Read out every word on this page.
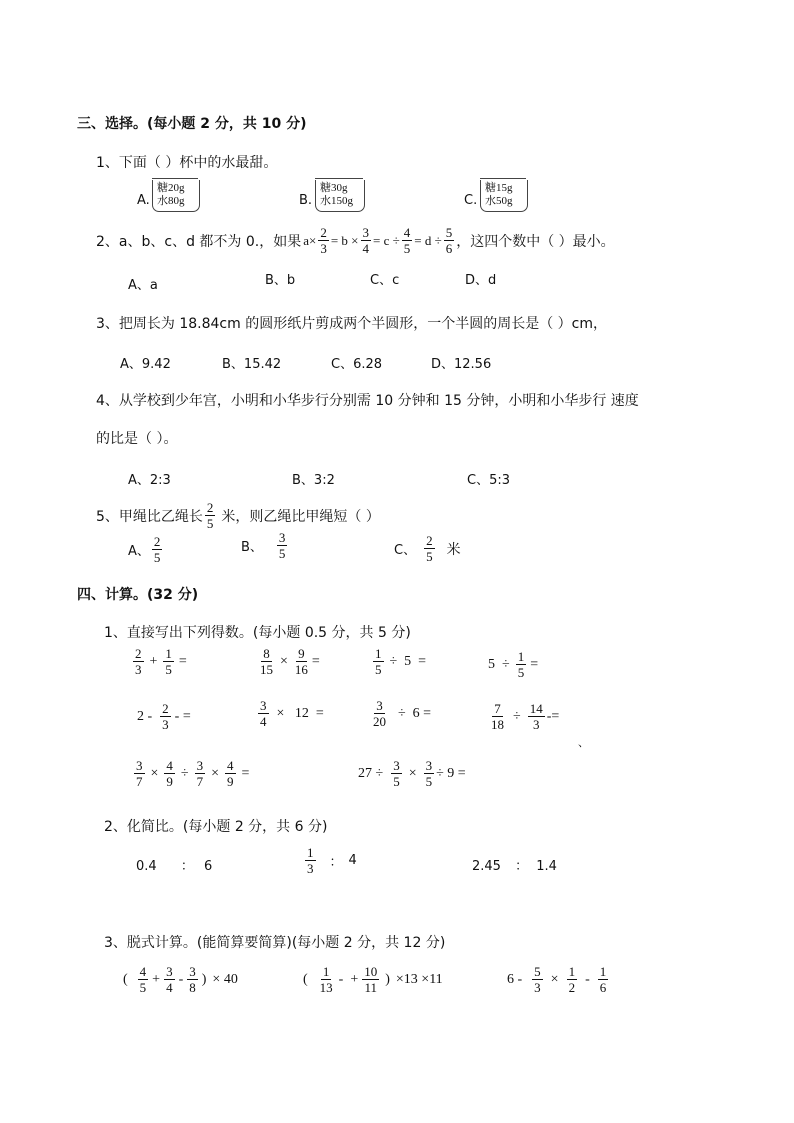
三、选择。(每小题 2 分，共 10 分)
1、下面（ ）杯中的水最甜。
A.
糖20g
水80g	B.
糖30g
水150g	C.
糖15g
水50g
2、a、b、c、d 都不为 0.，如果 $a \times \frac{2}{3} = b \times \frac{3}{4} = c \div \frac{4}{5} = d \div \frac{5}{6}$ ，这四个数中（ ）最小。
A、a	B、b	C、c	D、d
3、把周长为 18.84cm 的圆形纸片剪成两个半圆形，一个半圆的周长是（ ）cm，
A、9.42	B、15.42	C、6.28	D、12.56
4、从学校到少年宫，小明和小华步行分别需 10 分钟和 15 分钟，小明和小华步行 速度
的比是（ ）。
A、2:3	B、3:2	C、5:3
5、甲绳比乙绳长 $\frac{2}{5}$ 米，则乙绳比甲绳短（ ）
A、 $\frac{2}{5}$	B、 $\frac{3}{5}$	C、 $\frac{2}{5}$ 米
四、计算。(32 分)
1、直接写出下列得数。(每小题 0.5 分，共 5 分)
$\frac{2}{3} + \frac{1}{5}$ =	$\frac{8}{15} \times \frac{9}{16}$ =	$\frac{1}{5} \div 5$  =	$5 \div \frac{1}{5}$ =
$2 - \frac{2}{3}$ - =	$\frac{3}{4} \times 12$  =	$\frac{3}{20} \div 6$ =	$\frac{7}{18} \div \frac{14}{3}$ -=
、
$\frac{3}{7} \times \frac{4}{9} \div \frac{3}{7} \times \frac{4}{9}$ =	$27 \div \frac{3}{5} \times \frac{3}{5} \div 9$ =
2、化简比。(每小题 2 分，共 6 分)
0.4 ： 6	$\frac{1}{3}$ ： 4	2.45 ： 1.4
3、脱式计算。(能简算要简算)(每小题 2 分，共 12 分)
( $\frac{4}{5} + \frac{3}{4} - \frac{3}{8}$ ) × 40	( $\frac{1}{13}$ -  + $\frac{10}{11}$ ) ×13 ×11	$6 - \frac{5}{3} \times \frac{1}{2} - \frac{1}{6}$
